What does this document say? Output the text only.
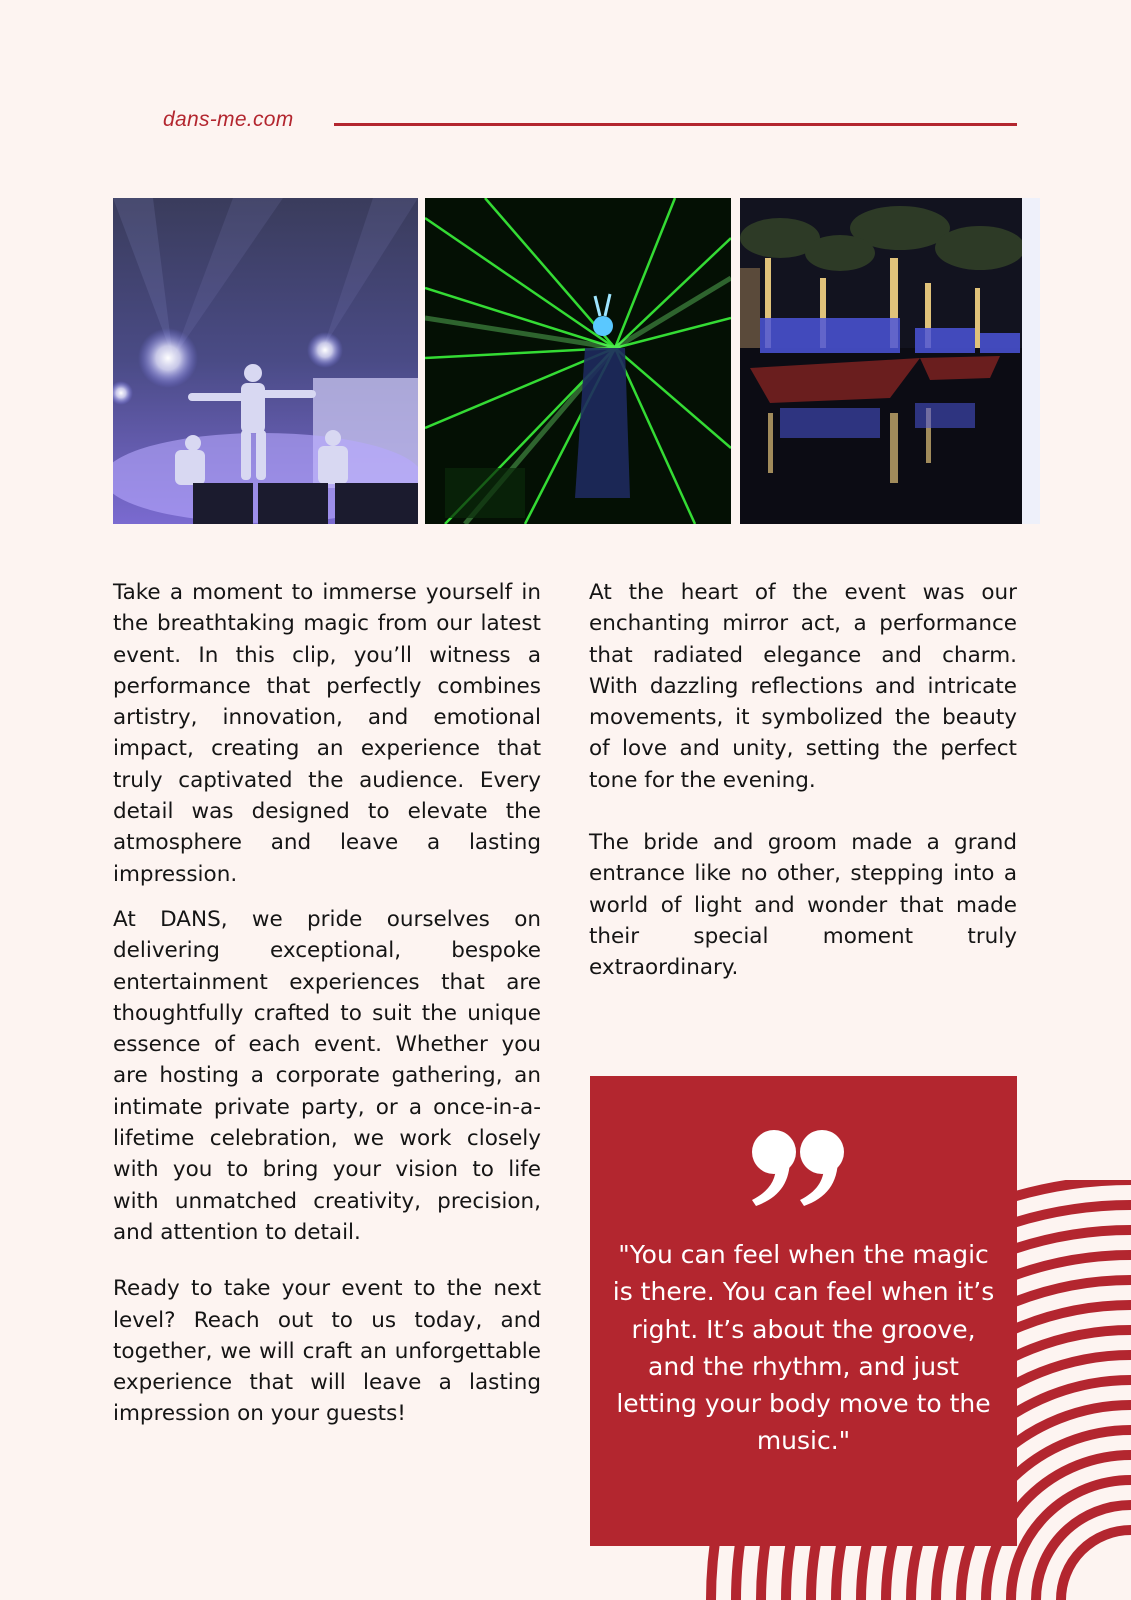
dans-me.com

Take a moment to immerse yourself in the breathtaking magic from our latest event. In this clip, you’ll witness a performance that perfectly combines artistry, innovation, and emotional impact, creating an experience that truly captivated the audience. Every detail was designed to elevate the atmosphere and leave a lasting impression.

At DANS, we pride ourselves on delivering exceptional, bespoke entertainment experiences that are thoughtfully crafted to suit the unique essence of each event. Whether you are hosting a corporate gathering, an intimate private party, or a once-in-a-lifetime celebration, we work closely with you to bring your vision to life with unmatched creativity, precision, and attention to detail.

Ready to take your event to the next level? Reach out to us today, and together, we will craft an unforgettable experience that will leave a lasting impression on your guests!

At the heart of the event was our enchanting mirror act, a performance that radiated elegance and charm. With dazzling reflections and intricate movements, it symbolized the beauty of love and unity, setting the perfect tone for the evening.

The bride and groom made a grand entrance like no other, stepping into a world of light and wonder that made their special moment truly extraordinary.

"You can feel when the magic is there. You can feel when it’s right. It’s about the groove, and the rhythm, and just letting your body move to the music."
